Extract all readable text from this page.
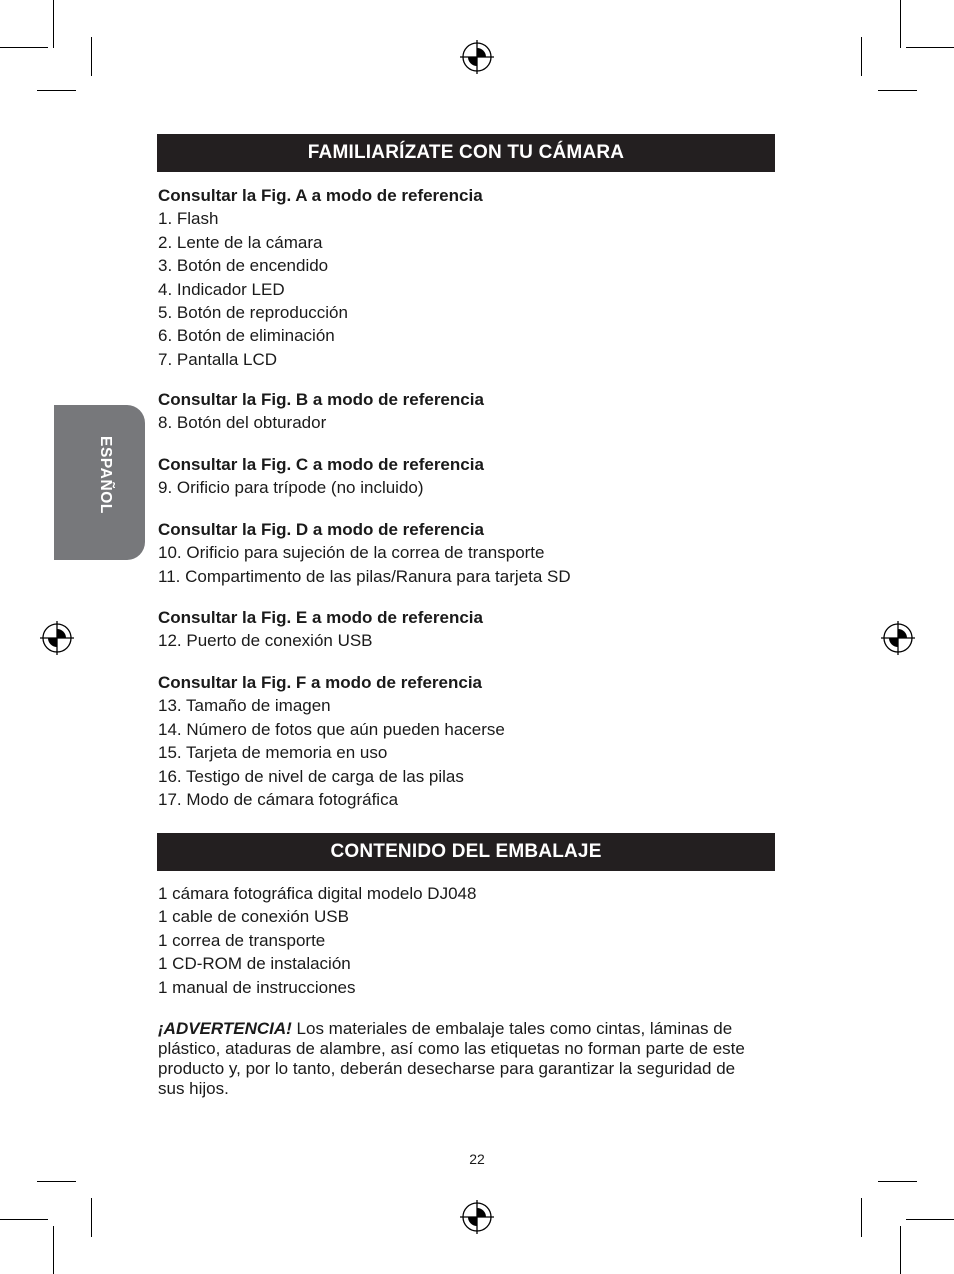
ESPAÑOL
FAMILIARÍZATE CON TU CÁMARA
Consultar la Fig. A a modo de referencia
1. Flash
2. Lente de la cámara
3. Botón de encendido
4. Indicador LED
5. Botón de reproducción
6. Botón de eliminación
7. Pantalla LCD
Consultar la Fig. B a modo de referencia
8. Botón del obturador
Consultar la Fig. C a modo de referencia
9. Orificio para trípode (no incluido)
Consultar la Fig. D a modo de referencia
10. Orificio para sujeción de la correa de transporte
11. Compartimento de las pilas/Ranura para tarjeta SD
Consultar la Fig. E a modo de referencia
12. Puerto de conexión USB
Consultar la Fig. F a modo de referencia
13. Tamaño de imagen
14. Número de fotos que aún pueden hacerse
15. Tarjeta de memoria en uso
16. Testigo de nivel de carga de las pilas
17. Modo de cámara fotográfica
CONTENIDO DEL EMBALAJE
1 cámara fotográfica digital modelo DJ048
1 cable de conexión USB
1 correa de transporte
1 CD-ROM de instalación
1 manual de instrucciones
¡ADVERTENCIA! Los materiales de embalaje tales como cintas, láminas de plástico, ataduras de alambre, así como las etiquetas no forman parte de este producto y, por lo tanto, deberán desecharse para garantizar la seguridad de sus hijos.
22
